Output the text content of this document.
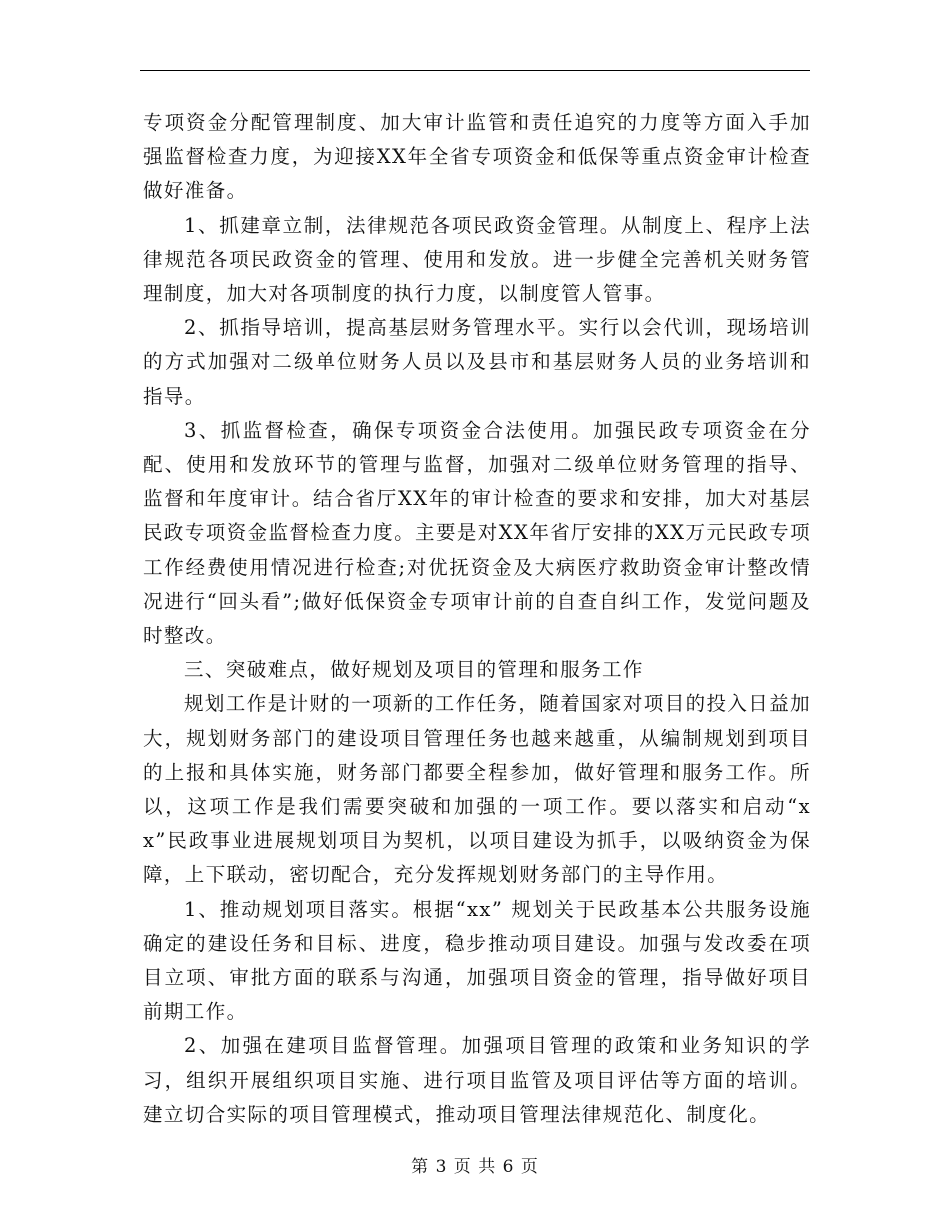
专项资金分配管理制度、加大审计监管和责任追究的力度等方面入手加强监督检查力度，为迎接XX年全省专项资金和低保等重点资金审计检查做好准备。

1、抓建章立制，法律规范各项民政资金管理。从制度上、程序上法律规范各项民政资金的管理、使用和发放。进一步健全完善机关财务管理制度，加大对各项制度的执行力度，以制度管人管事。

2、抓指导培训，提高基层财务管理水平。实行以会代训，现场培训的方式加强对二级单位财务人员以及县市和基层财务人员的业务培训和指导。

3、抓监督检查，确保专项资金合法使用。加强民政专项资金在分配、使用和发放环节的管理与监督，加强对二级单位财务管理的指导、监督和年度审计。结合省厅XX年的审计检查的要求和安排，加大对基层民政专项资金监督检查力度。主要是对XX年省厅安排的XX万元民政专项工作经费使用情况进行检查;对优抚资金及大病医疗救助资金审计整改情况进行“回头看”;做好低保资金专项审计前的自查自纠工作，发觉问题及时整改。

三、突破难点，做好规划及项目的管理和服务工作

规划工作是计财的一项新的工作任务，随着国家对项目的投入日益加大，规划财务部门的建设项目管理任务也越来越重，从编制规划到项目的上报和具体实施，财务部门都要全程参加，做好管理和服务工作。所以，这项工作是我们需要突破和加强的一项工作。要以落实和启动“xx”民政事业进展规划项目为契机，以项目建设为抓手，以吸纳资金为保障，上下联动，密切配合，充分发挥规划财务部门的主导作用。

1、推动规划项目落实。根据“xx” 规划关于民政基本公共服务设施确定的建设任务和目标、进度，稳步推动项目建设。加强与发改委在项目立项、审批方面的联系与沟通，加强项目资金的管理，指导做好项目前期工作。

2、加强在建项目监督管理。加强项目管理的政策和业务知识的学习，组织开展组织项目实施、进行项目监管及项目评估等方面的培训。建立切合实际的项目管理模式，推动项目管理法律规范化、制度化。

第 3 页 共 6 页
